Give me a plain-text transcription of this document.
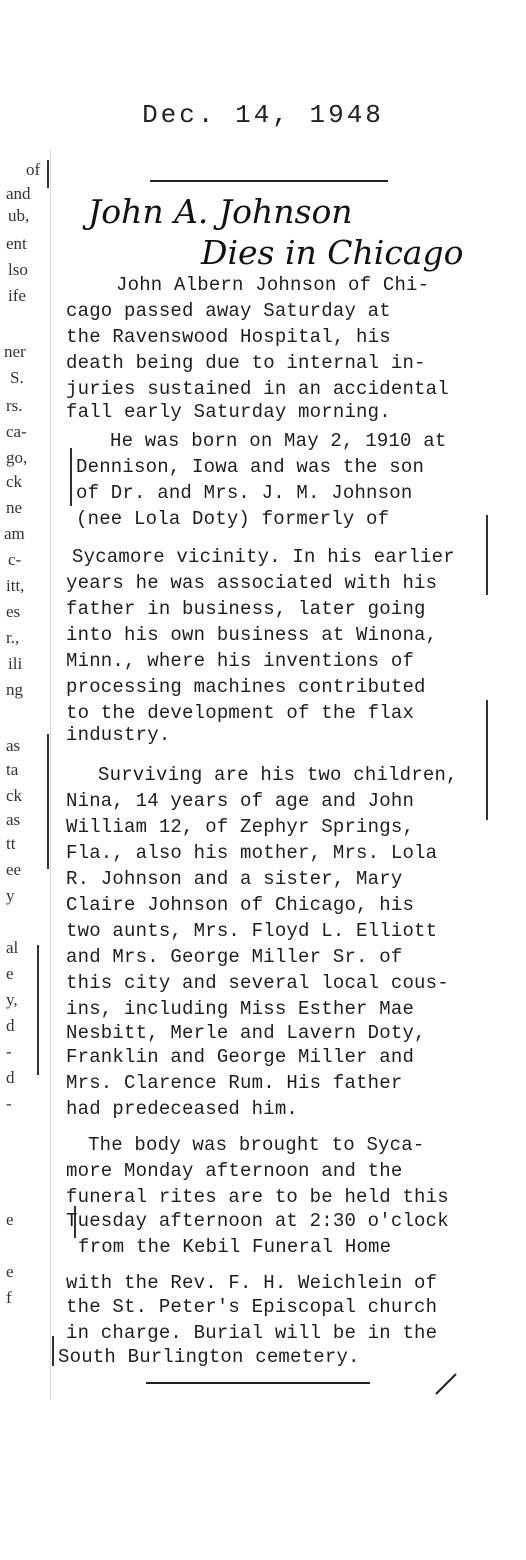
of
and
ub,
ent
lso
ife
ner
S.
rs.
ca-
go,
ck
ne
am
c-
itt,
es
r.,
ili
ng
as
ta
ck
as
tt
ee
y
al
e
y,
d
-
d
-
e
e
f
Dec. 14, 1948
John A. Johnson
Dies in Chicago
John Albern Johnson of Chi-
cago passed away Saturday at
the Ravenswood Hospital, his
death being due to internal in-
juries sustained in an accidental
fall early Saturday morning.
He was born on May 2, 1910 at
Dennison, Iowa and was the son
of Dr. and Mrs. J. M. Johnson
(nee Lola Doty) formerly of
Sycamore vicinity. In his earlier
years he was associated with his
father in business, later going
into his own business at Winona,
Minn., where his inventions of
processing machines contributed
to the development of the flax
industry.
Surviving are his two children,
Nina, 14 years of age and John
William 12, of Zephyr Springs,
Fla., also his mother, Mrs. Lola
R. Johnson and a sister, Mary
Claire Johnson of Chicago, his
two aunts, Mrs. Floyd L. Elliott
and Mrs. George Miller Sr. of
this city and several local cous-
ins, including Miss Esther Mae
Nesbitt, Merle and Lavern Doty,
Franklin and George Miller and
Mrs. Clarence Rum. His father
had predeceased him.
The body was brought to Syca-
more Monday afternoon and the
funeral rites are to be held this
Tuesday afternoon at 2:30 o'clock
from the Kebil Funeral Home
with the Rev. F. H. Weichlein of
the St. Peter's Episcopal church
in charge. Burial will be in the
South Burlington cemetery.
